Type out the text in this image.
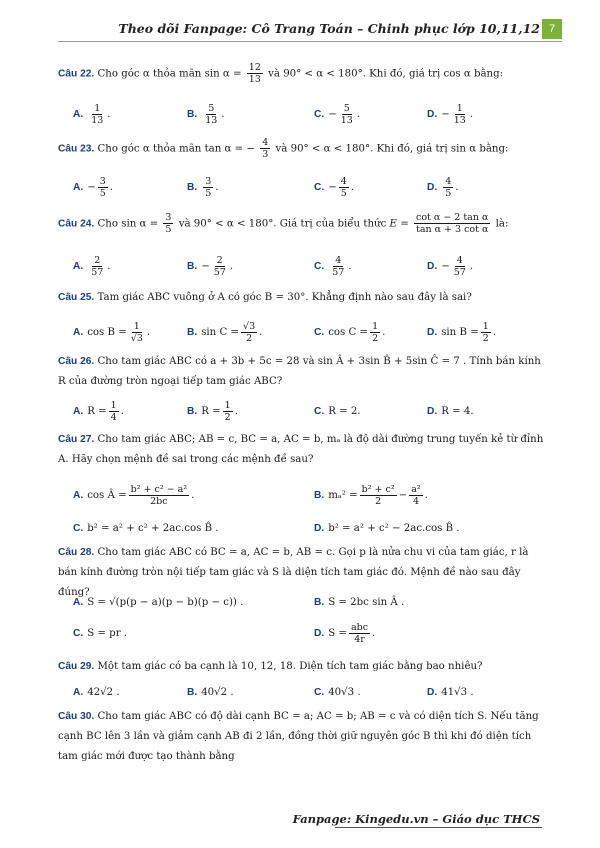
Theo dõi Fanpage: Cô Trang Toán – Chinh phục lớp 10,11,12 7
Câu 22. Cho góc α thỏa mãn $\sin \alpha = \frac{12}{13}$ và 90° < α < 180°. Khi đó, giá trị cos α bằng:
A. $\frac{1}{13}$ .	B. $\frac{5}{13}$ .	C. − $\frac{5}{13}$ .	D. − $\frac{1}{13}$ .
Câu 23. Cho góc α thỏa mãn tan α = − $\frac{4}{3}$ và 90° < α < 180°. Khi đó, giá trị sin α bằng:
A. − $\frac{3}{5}$ .	B. $\frac{3}{5}$ .	C. − $\frac{4}{5}$ .	D. $\frac{4}{5}$ .
Câu 24. Cho $\sin \alpha = \frac{3}{5}$ và 90° < α < 180°. Giá trị của biểu thức $E = \frac{\text{cot α − 2 tan α}}{\text{tan α + 3 cot α}}$ là:
A. $\frac{2}{57}$ .	B. − $\frac{2}{57}$ .	C. $\frac{4}{57}$ .	D. − $\frac{4}{57}$ .
Câu 25. Tam giác ABC vuông ở A có góc B = 30°. Khẳng định nào sau đây là sai?
A. $\cos B = \frac{1}{√3}$ .	B. $\sin C = \frac{√3}{2}$ .	C. $\cos C = \frac{1}{2}$ .	D. $\sin B = \frac{1}{2}$ .
Câu 26. Cho tam giác ABC có a + 3b + 5c = 28 và sin Â + 3sin B̂ + 5sin Ĉ = 7 . Tính bán kính R của đường tròn ngoại tiếp tam giác ABC?
A. $R = \frac{1}{4}$ .	B. $R = \frac{1}{2}$ .	C. R = 2.	D. R = 4.
Câu 27. Cho tam giác ABC; AB = c, BC = a, AC = b, mₐ là độ dài đường trung tuyến kẻ từ đỉnh A. Hãy chọn mệnh đề sai trong các mệnh đề sau?
A. cos Â = $\frac{\text{b² + c² − a²}}{2bc}$ .	B. $m_a^2 = \frac{\text{b² + c²}}{2} - \frac{\text{a²}}{4}$ .
C. b² = a² + c² + 2ac.cos B̂ .	D. b² = a² + c² − 2ac.cos B̂ .
Câu 28. Cho tam giác ABC có BC = a, AC = b, AB = c. Gọi p là nửa chu vi của tam giác, r là bán kính đường tròn nội tiếp tam giác và S là diện tích tam giác đó. Mệnh đề nào sau đây đúng?
A. S = √(p(p − a)(p − b)(p − c)) .	B. S = 2bc sin Â .
C. S = pr .	D. $S = \frac{\text{abc}}{4r}$ .
Câu 29. Một tam giác có ba cạnh là 10, 12, 18. Diện tích tam giác bằng bao nhiêu?
A. 42√2 .	B. 40√2 .	C. 40√3 .	D. 41√3 .
Câu 30. Cho tam giác ABC có độ dài cạnh BC = a; AC = b; AB = c và có diện tích S. Nếu tăng cạnh BC lên 3 lần và giảm cạnh AB đi 2 lần, đồng thời giữ nguyên góc B thì khi đó diện tích tam giác mới được tạo thành bằng
Fanpage: Kingedu.vn – Giáo dục THCS
